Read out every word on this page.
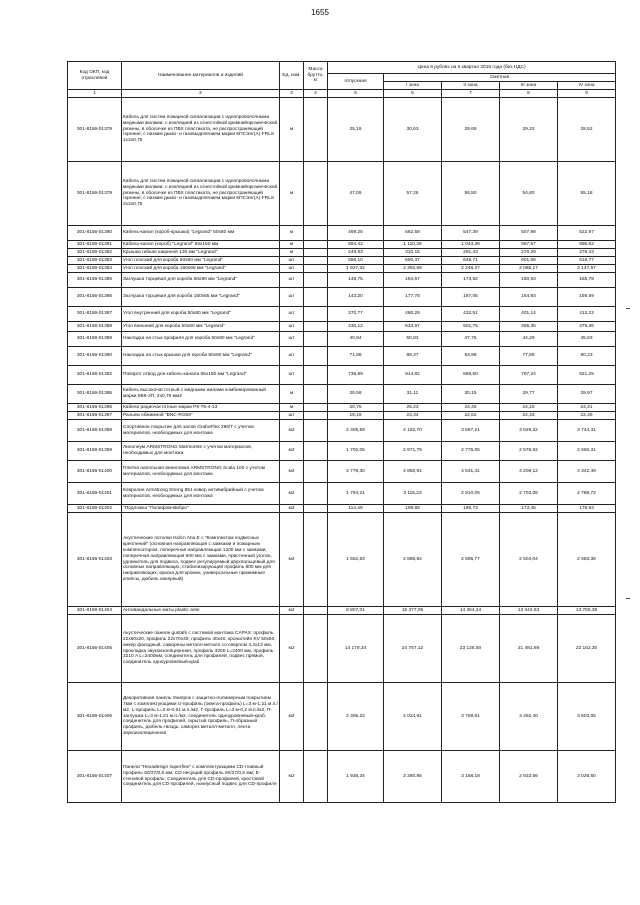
1655
Код ОКП, код отраслевой	Наименование материалов и изделий	Ед. изм.	Масса брутто, кг	Цена в рублях на II квартал 2015 года (без НДС)				
				отпускная	Сметная			
					I зона	II зона	III зона	IV зона
1	2	3	4	5	6	7	8	9
301-8156-01378	Кабель для систем пожарной сигнализации с однопроволочными медными жилами, с изоляцией из огнестойкой кремнийорганической резины, в оболочке из ПВХ пластиката, не распространяющий горение, с низким дымо- и газовыделением марки КПСЭнг(А)-FRLS 1х2х0,75	м		25,19	30,63	29,69	29,32	29,52
301-8156-01379	Кабель для систем пожарной сигнализации с однопроволочными медными жилами, с изоляцией из огнестойкой кремнийорганической резины, в оболочке из ПВХ пластиката, не распространяющий горение, с низким дымо- и газовыделением марки КПСЭнг(А)-FRLS 2х2х0,75	м		47,09	57,26	55,50	54,80	55,18
301-8156-01380	Кабель-канал (короб-крышка) "Legrand" 50х80 мм	м		469,25	562,58	547,39	507,98	522,97
301-8156-01381	Кабель-канал (короб) "Legrand" 65х150 мм	м		894,42	1 110,38	1 043,36	967,67	996,82
301-8156-01382	Крышка гибкая шириной 130 мм "Legrand"	м		249,83	310,15	291,43	270,29	278,43
301-8156-01383	Угол плоский для короба 50х80 мм "Legrand"	шт		556,10	690,37	648,71	601,65	619,77
301-8156-01384	Угол плоский для короба 150х65 мм "Legrand"	шт		1 927,32	2 392,68	2 248,27	2 085,17	2 147,97
301-8156-01385	Заглушка торцевая для короба 50х80 мм "Legrand"	шт		148,75	184,67	173,52	160,93	165,78
301-8156-01386	Заглушка торцевая для короба 150х65 мм "Legrand"	шт		143,20	177,78	167,05	154,93	159,59
301-8156-01387	Угол внутренний для короба 50х80 мм "Legrand"	шт		370,77	460,29	432,51	401,14	413,22
301-8156-01388	Угол внешний для короба 50х80 мм "Legrand"	шт		430,12	533,97	501,75	465,35	479,36
301-8156-01389	Накладка на стык профиля для короба 50х80 мм "Legrand"	шт		40,94	50,83	47,76	44,29	45,63
301-8156-01390	Накладка на стык крышки для короба 50х80 мм "Legrand"	шт		71,98	89,37	83,98	77,89	80,23
301-8156-01392	Поворот отвод для кабель-канала 65х150 мм "Legrand"	шт		736,89	914,82	859,60	797,24	821,25
301-8156-01395	Кабель высокочастотный с медными жилами комбинированный марки КВК-2П, 2х0,75 мм2	м		25,58	31,11	30,15	29,77	29,97
301-8156-01396	Кабели радиочастотные марки РК-75-4-13	м		20,75	25,23	24,45	24,15	24,31
301-8156-01397	Разъем обжимной "BNC-RG59"	шт		19,19	23,34	22,62	22,33	22,49
301-8156-01398	Спортивное покрытие для залов GraboFlex 296/T с учетом материалов, необходимых для монтажа	м2		2 305,59	4 182,70	3 667,21	3 629,32	3 744,31
301-8156-01399	Линолеум ARMSTRONG Marmorete с учетом материалов, необходимых для монтажа	м2		1 702,06	2 971,79	2 776,05	2 578,62	2 660,31
301-8156-01400	Плитка напольная виниловая ARMSTRONG Scala 100 с учетом материалов, необходимых для монтажа	м2		2 778,30	4 850,91	4 531,41	4 209,12	4 342,49
301-8156-01401	Ковролин Armstrong Strong 951 ковер антивибрийный с учетом материалов, необходимых для монтажа	м2		1 784,21	3 115,23	2 910,05	2 703,08	2 788,72
301-8156-01402	"Подложка "Полифом-Вибро"	м2		114,49	199,89	186,73	173,45	178,94
301-8156-01403	Акустические потолки Isolcn Aria E с "Комплектом подвесных креплений" (основная направляющая с замками и пожарным компенсатором, поперечная направляющая 1200 мм с замками, поперечная направляющая 600 мм с замками, пристенный уголок, удлинитель для подвеса, подвес регулируемый двухпальцевый для основных направляющих, стабилизирующий профиль 600 мм для направляющих, краска для кромок, универсальные прижимные клипсы, дюбель анкерный)	м2		1 652,83	2 885,84	2 695,77	2 504,04	2 583,38
301-8156-01404	Антивандальные маты plastic ante	м2		8 807,01	15 377,05	14 364,24	13 342,63	13 765,38
301-8156-01405	Акустические панели gustafs с системой монтажа CAPAX: профиль 22х60х20, профиль 22х70х40, профиль 40х40, кронштейн KV 50х50, анкер фасадный, саморезы металл-металл со сверлом 4,2х13 мм, прокладка звукоизоляционная, профиль 3200 L=2400 мм, профиль 3210 A L=2400мм, соединитель для профилей, подвес прямой, соединитель одноуровневый-краб	м2		14 179,34	24 757,12	23 126,50	21 481,69	22 162,30
301-8156-01406	Декоративная панель Унипрок с защитно-полимерным покрытием 7мм с комплектующими U-профиль (омега-профиль) L=3 м-1,21 м.п./м2, L-профиль L=3 м-0,61 м.п./м2, Г-профиль L=3 м-0,2 м.п./м2, П-заглушка L=3 м-1,21 м.п./м2, соединитель одноуровневый-краб, соединитель для профилей, скрытый профиль, П-образный профиль, дюбель-гвоздь, саморез металл-металл, лента звукоизоляционная	м2		2 305,22	4 024,91	3 759,81	3 492,40	3 603,05
301-8156-01407	Панели "Hexadesign superfine" с комплектующими CD-главный профиль 60/27/0,6 мм; CD несущий профиль 60/27/0,6 мм; Е-стеновой профиль; Соединитель для CD-профилей, крестовой соединитель для CD-профилей, нониусный подвес для CD-профиля	м2		1 936,34	3 380,85	3 158,18	2 933,56	3 026,50
